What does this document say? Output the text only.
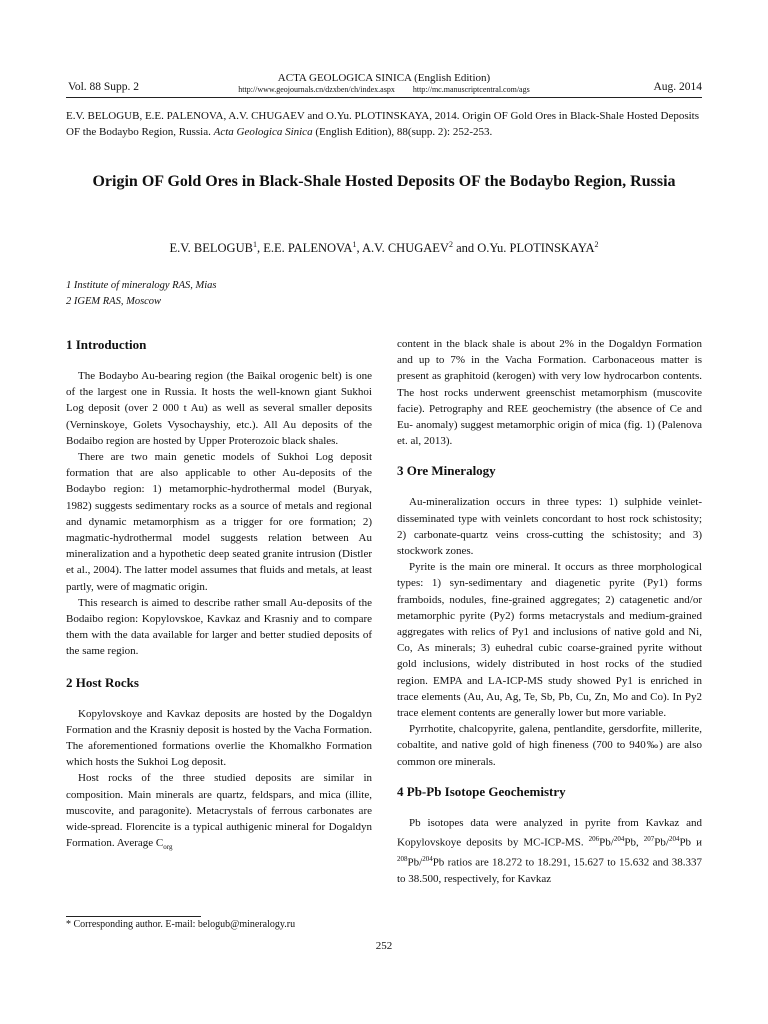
Vol. 88 Supp. 2
ACTA GEOLOGICA SINICA (English Edition)
http://www.geojournals.cn/dzxben/ch/index.aspx http://mc.manuscriptcentral.com/ags	Aug. 2014
E.V. BELOGUB, E.E. PALENOVA, A.V. CHUGAEV and O.Yu. PLOTINSKAYA, 2014. Origin OF Gold Ores in Black-Shale Hosted Deposits OF the Bodaybo Region, Russia. Acta Geologica Sinica (English Edition), 88(supp. 2): 252-253.
Origin OF Gold Ores in Black-Shale Hosted Deposits OF the Bodaybo Region, Russia
E.V. BELOGUB$^1$, E.E. PALENOVA$^1$, A.V. CHUGAEV$^2$ and O.Yu. PLOTINSKAYA$^2$
1 Institute of mineralogy RAS, Mias
2 IGEM RAS, Moscow
1 Introduction

The Bodaybo Au-bearing region (the Baikal orogenic belt) is one of the largest one in Russia. It hosts the well-known giant Sukhoi Log deposit (over 2 000 t Au) as well as several smaller deposits (Verninskoye, Golets Vysochayshiy, etc.). All Au deposits of the Bodaibo region are hosted by Upper Proterozoic black shales.

There are two main genetic models of Sukhoi Log deposit formation that are also applicable to other Au-deposits of the Bodaybo region: 1) metamorphic-hydrothermal model (Buryak, 1982) suggests sedimentary rocks as a source of metals and regional and dynamic metamorphism as a trigger for ore formation; 2) magmatic-hydrothermal model suggests relation between Au mineralization and a hypothetic deep seated granite intrusion (Distler et al., 2004). The latter model assumes that fluids and metals, at least partly, were of magmatic origin.

This research is aimed to describe rather small Au-deposits of the Bodaibo region: Kopylovskoe, Kavkaz and Krasniy and to compare them with the data available for larger and better studied deposits of the same region.

2 Host Rocks

Kopylovskoye and Kavkaz deposits are hosted by the Dogaldyn Formation and the Krasniy deposit is hosted by the Vacha Formation. The aforementioned formations overlie the Khomalkho Formation which hosts the Sukhoi Log deposit.

Host rocks of the three studied deposits are similar in composition. Main minerals are quartz, feldspars, and mica (illite, muscovite, and paragonite). Metacrystals of ferrous carbonates are wide-spread. Florencite is a typical authigenic mineral for Dogaldyn Formation. Average $C_{org}$

content in the black shale is about 2% in the Dogaldyn Formation and up to 7% in the Vacha Formation. Carbonaceous matter is present as graphitoid (kerogen) with very low hydrocarbon contents. The host rocks underwent greenschist metamorphism (muscovite facie). Petrography and REE geochemistry (the absence of Ce and Eu- anomaly) suggest metamorphic origin of mica (fig. 1) (Palenova et. al, 2013).

3 Ore Mineralogy

Au-mineralization occurs in three types: 1) sulphide veinlet-disseminated type with veinlets concordant to host rock schistosity; 2) carbonate-quartz veins cross-cutting the schistosity; and 3) stockwork zones.

Pyrite is the main ore mineral. It occurs as three morphological types: 1) syn-sedimentary and diagenetic pyrite (Py1) forms framboids, nodules, fine-grained aggregates; 2) catagenetic and/or metamorphic pyrite (Py2) forms metacrystals and medium-grained aggregates with relics of Py1 and inclusions of native gold and Ni, Co, As minerals; 3) euhedral cubic coarse-grained pyrite without gold inclusions, widely distributed in host rocks of the studied region. EMPA and LA-ICP-MS study showed Py1 is enriched in trace elements (Au, Au, Ag, Te, Sb, Pb, Cu, Zn, Mo and Co). In Py2 trace element contents are generally lower but more variable.

Pyrrhotite, chalcopyrite, galena, pentlandite, gersdorfite, millerite, cobaltite, and native gold of high fineness (700 to 940‰) are also common ore minerals.

4 Pb-Pb Isotope Geochemistry

Pb isotopes data were analyzed in pyrite from Kavkaz and Kopylovskoye deposits by MC-ICP-MS. $^{206}$Pb/$^{204}$Pb, $^{207}$Pb/$^{204}$Pb и $^{208}$Pb/$^{204}$Pb ratios are 18.272 to 18.291, 15.627 to 15.632 and 38.337 to 38.500, respectively, for Kavkaz

* Corresponding author. E-mail: belogub@mineralogy.ru
252
